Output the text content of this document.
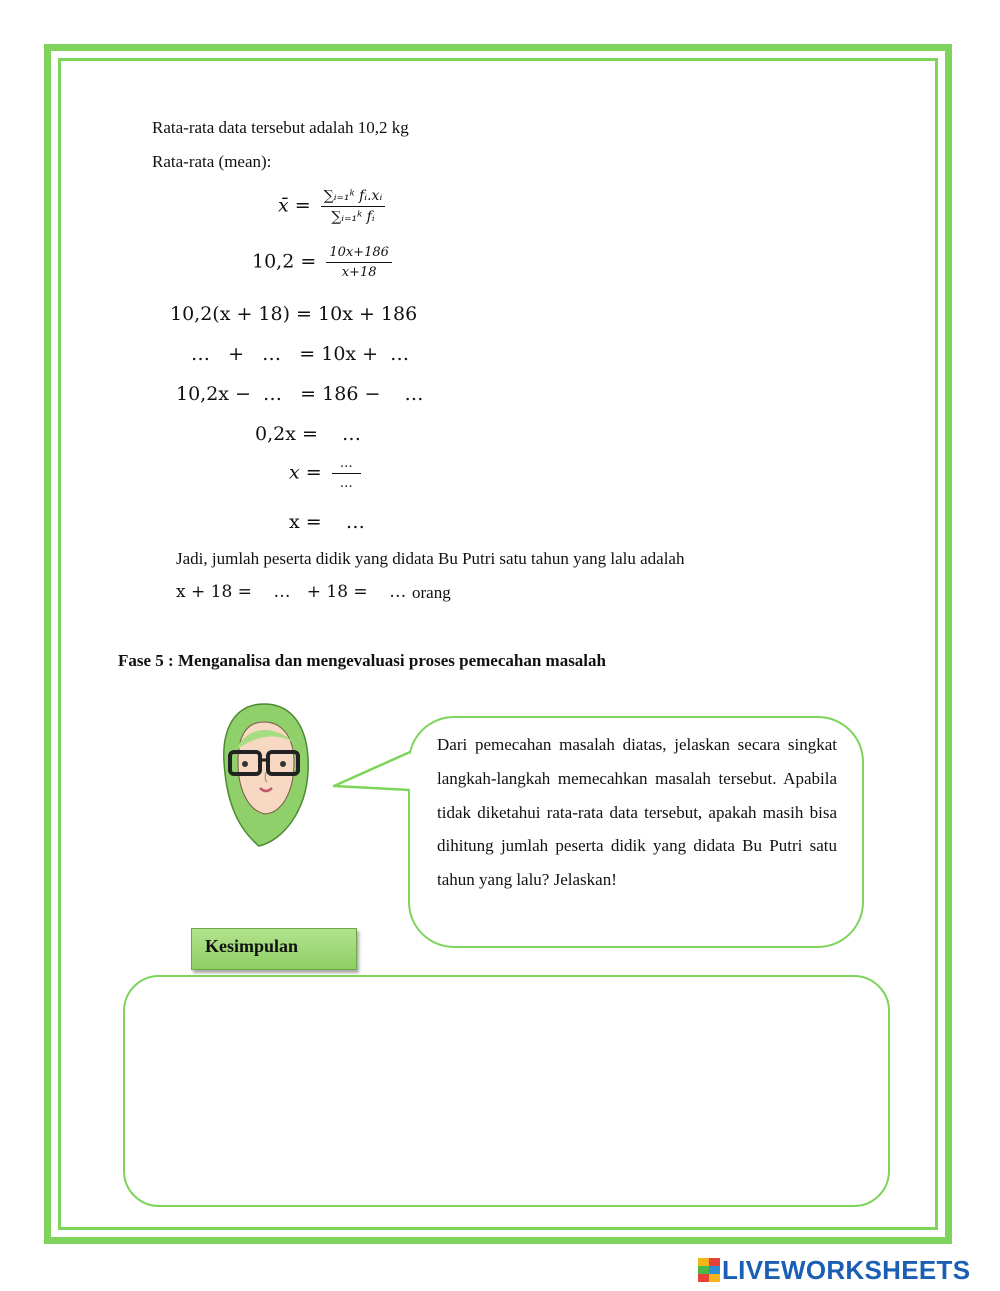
Rata-rata data tersebut adalah 10,2 kg
Rata-rata (mean):
x̄ = $\frac{\text{∑ᵢ₌₁ᵏ fᵢ.xᵢ}}{\text{∑ᵢ₌₁ᵏ fᵢ}}$
$10,2 = \frac{10x+186}{x+18}$
10,2(x + 18) = 10x + 186
…   +   …   = 10x +  …
10,2x −  …   = 186 −    …
0,2x =    …
$x = \frac{\dots}{\dots}$
x =    …
Jadi, jumlah peserta didik yang didata Bu Putri satu tahun yang lalu adalah
x + 18 =    …   + 18 =    … orang
Fase 5 : Menganalisa dan mengevaluasi proses pemecahan masalah
Dari pemecahan masalah diatas, jelaskan secara singkat langkah-langkah memecahkan masalah tersebut. Apabila tidak diketahui rata-rata data tersebut, apakah masih bisa dihitung jumlah peserta didik yang didata Bu Putri satu tahun yang lalu? Jelaskan!
Kesimpulan
LIVEWORKSHEETS
